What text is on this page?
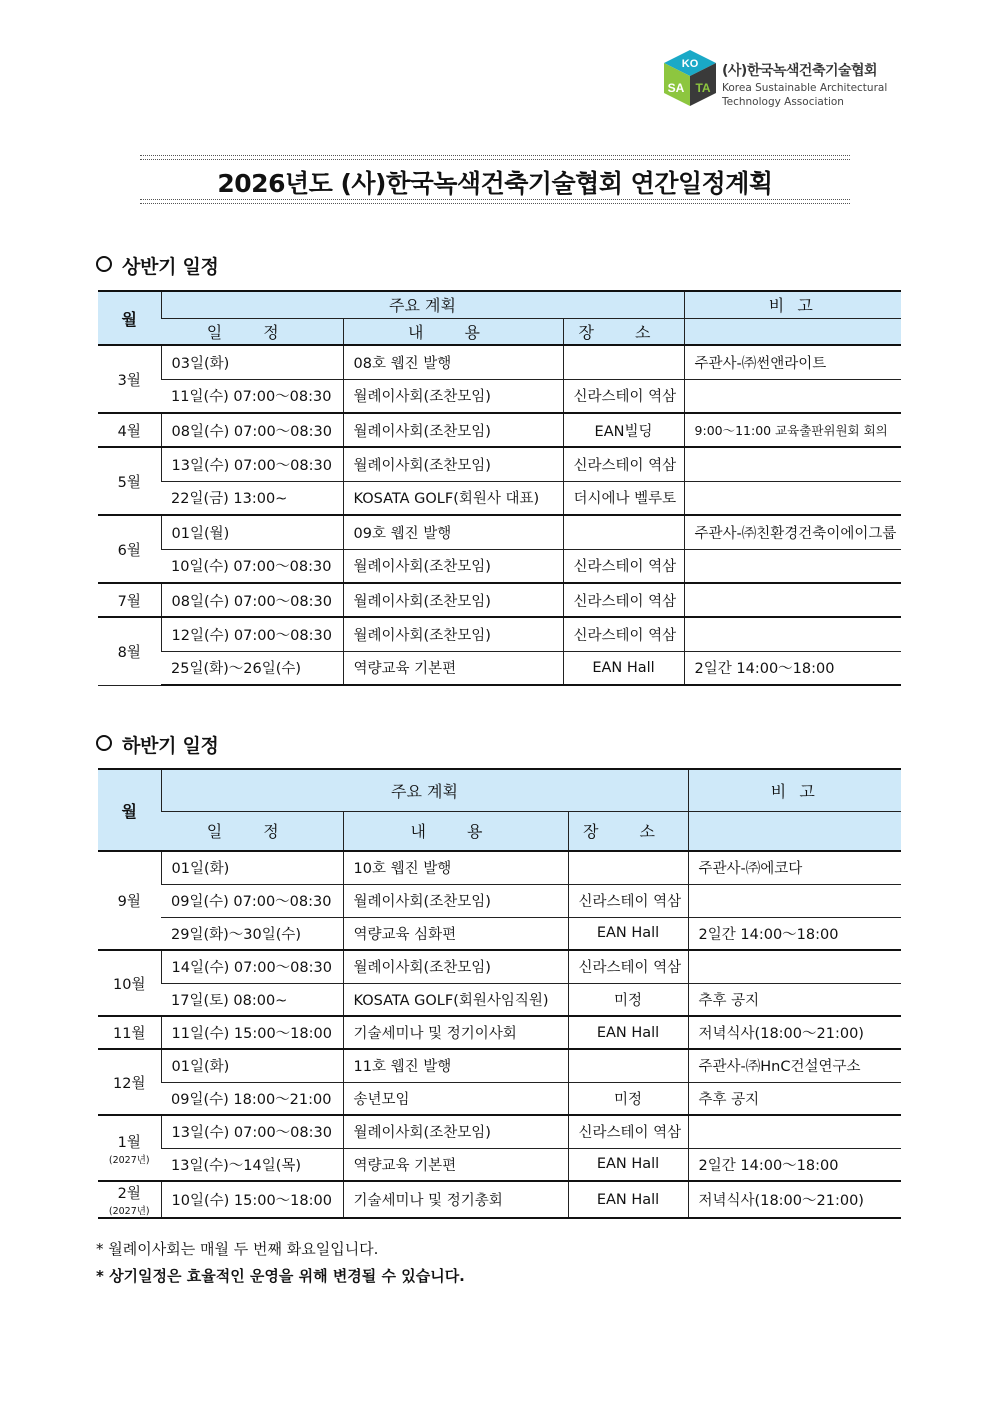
KO
SA TA
(사)한국녹색건축기술협회
Korea Sustainable Architectural
Technology Association
2026년도 (사)한국녹색건축기술협회 연간일정계획
상반기 일정
월	주요 계획			비 고
	일 정	내 용	장 소	
3월	03일(화)	08호 웹진 발행		주관사-㈜썬앤라이트
	11일(수) 07:00～08:30	월례이사회(조찬모임)	신라스테이 역삼	
4월	08일(수) 07:00～08:30	월례이사회(조찬모임)	EAN빌딩	9:00～11:00 교육출판위원회 회의
5월	13일(수) 07:00～08:30	월례이사회(조찬모임)	신라스테이 역삼	
	22일(금) 13:00~	KOSATA GOLF(회원사 대표)	더시에나 벨루토	
6월	01일(월)	09호 웹진 발행		주관사-㈜친환경건축이에이그룹
	10일(수) 07:00～08:30	월례이사회(조찬모임)	신라스테이 역삼	
7월	08일(수) 07:00～08:30	월례이사회(조찬모임)	신라스테이 역삼	
8월	12일(수) 07:00～08:30	월례이사회(조찬모임)	신라스테이 역삼	
	25일(화)～26일(수)	역량교육 기본편	EAN Hall	2일간 14:00～18:00
하반기 일정
월	주요 계획			비 고
	일 정	내 용	장 소	
9월	01일(화)	10호 웹진 발행		주관사-㈜에코다
	09일(수) 07:00～08:30	월례이사회(조찬모임)	신라스테이 역삼	
	29일(화)～30일(수)	역량교육 심화편	EAN Hall	2일간 14:00～18:00
10월	14일(수) 07:00～08:30	월례이사회(조찬모임)	신라스테이 역삼	
	17일(토) 08:00~	KOSATA GOLF(회원사임직원)	미정	추후 공지
11월	11일(수) 15:00～18:00	기술세미나 및 정기이사회	EAN Hall	저녁식사(18:00～21:00)
12월	01일(화)	11호 웹진 발행		주관사-㈜HnC건설연구소
	09일(수) 18:00～21:00	송년모임	미정	추후 공지
1월
(2027년)	13일(수) 07:00～08:30	월례이사회(조찬모임)	신라스테이 역삼	
	13일(수)～14일(목)	역량교육 기본편	EAN Hall	2일간 14:00～18:00
2월
(2027년)	10일(수) 15:00～18:00	기술세미나 및 정기총회	EAN Hall	저녁식사(18:00～21:00)
* 월례이사회는 매월 두 번째 화요일입니다.
* 상기일정은 효율적인 운영을 위해 변경될 수 있습니다.
